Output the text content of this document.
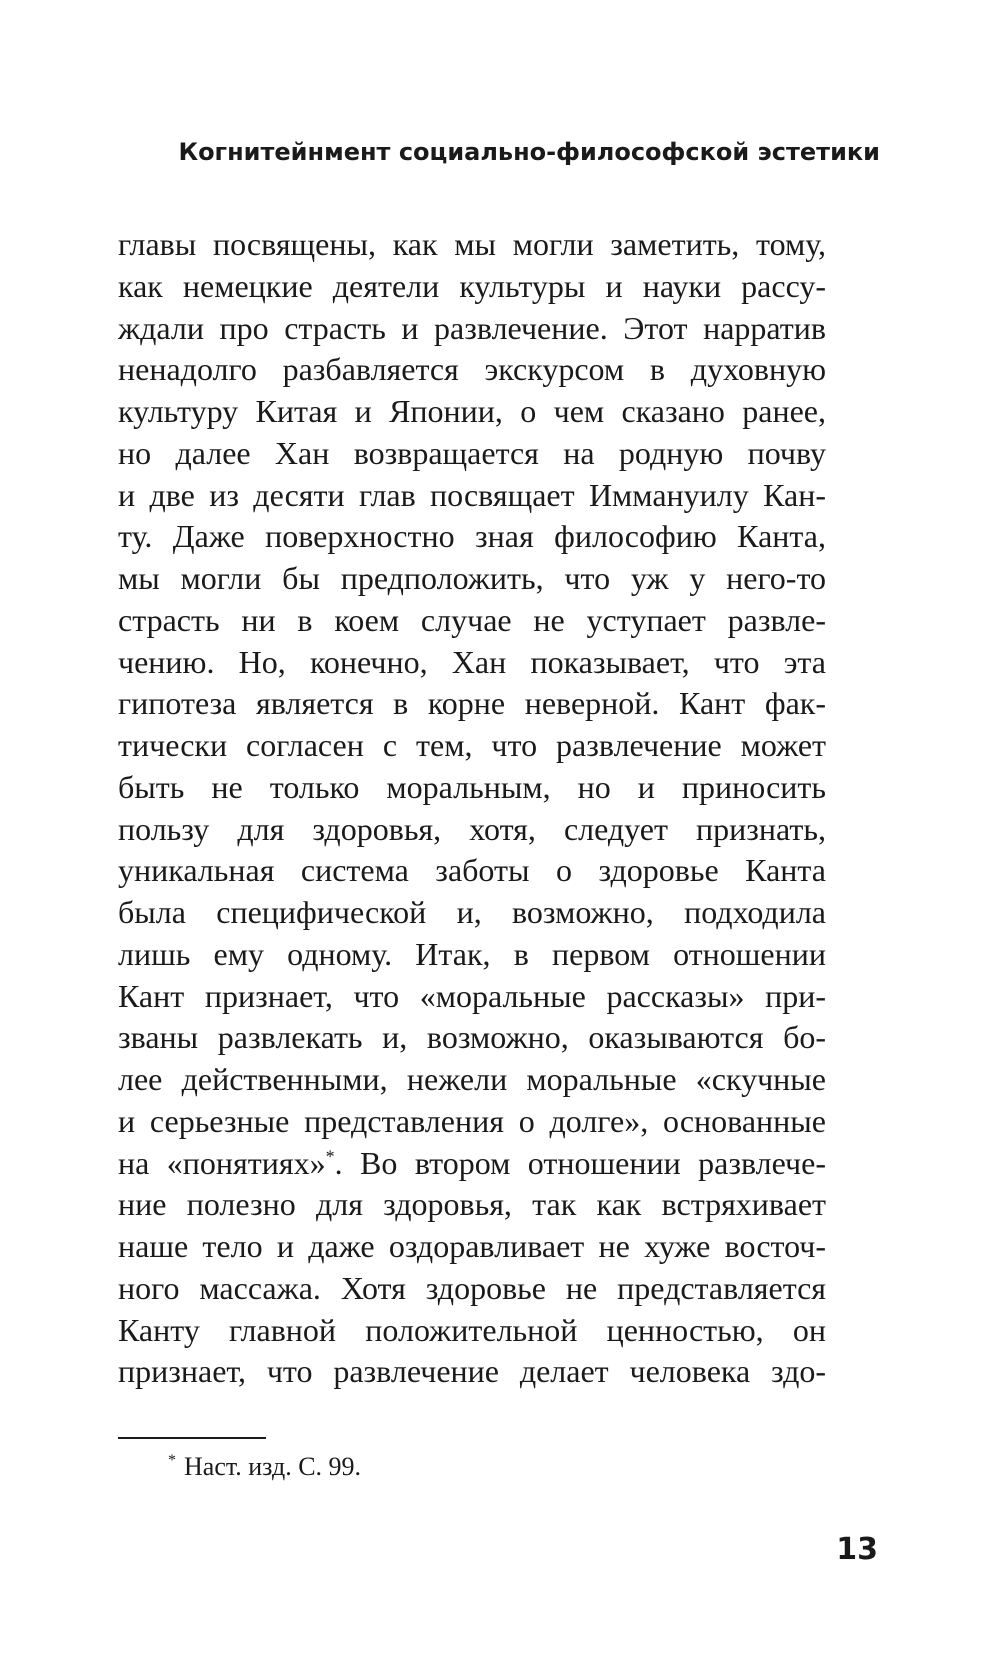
Когнитейнмент социально-философской эстетики
главы посвящены, как мы могли заметить, тому,
как немецкие деятели культуры и науки рассу-
ждали про страсть и развлечение. Этот нарратив
ненадолго разбавляется экскурсом в духовную
культуру Китая и Японии, о чем сказано ранее,
но далее Хан возвращается на родную почву
и две из десяти глав посвящает Иммануилу Кан-
ту. Даже поверхностно зная философию Канта,
мы могли бы предположить, что уж у него-то
страсть ни в коем случае не уступает развле-
чению. Но, конечно, Хан показывает, что эта
гипотеза является в корне неверной. Кант фак-
тически согласен с тем, что развлечение может
быть не только моральным, но и приносить
пользу для здоровья, хотя, следует признать,
уникальная система заботы о здоровье Канта
была специфической и, возможно, подходила
лишь ему одному. Итак, в первом отношении
Кант признает, что «моральные рассказы» при-
званы развлекать и, возможно, оказываются бо-
лее действенными, нежели моральные «скучные
и серьезные представления о долге», основанные
на «понятиях»*. Во втором отношении развлече-
ние полезно для здоровья, так как встряхивает
наше тело и даже оздоравливает не хуже восточ-
ного массажа. Хотя здоровье не представляется
Канту главной положительной ценностью, он
признает, что развлечение делает человека здо-
* Наст. изд. С. 99.
13
